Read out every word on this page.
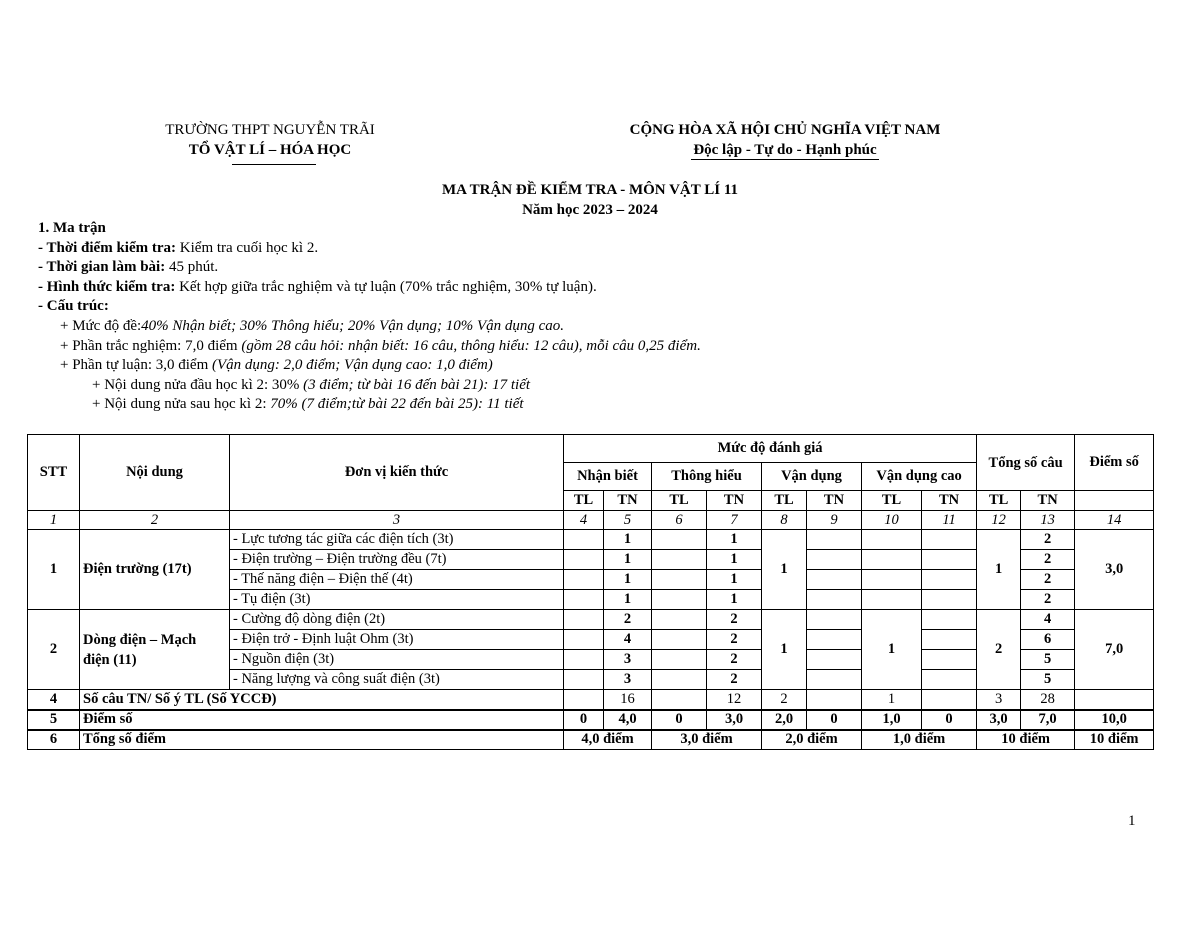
TRƯỜNG THPT NGUYỄN TRÃI
TỔ VẬT LÍ – HÓA HỌC
CỘNG HÒA XÃ HỘI CHỦ NGHĨA VIỆT NAM
Độc lập - Tự do - Hạnh phúc
MA TRẬN ĐỀ KIỂM TRA - MÔN VẬT LÍ 11
Năm học 2023 – 2024
1. Ma trận
- Thời điểm kiểm tra: Kiểm tra cuối học kì 2.
- Thời gian làm bài: 45 phút.
- Hình thức kiểm tra: Kết hợp giữa trắc nghiệm và tự luận (70% trắc nghiệm, 30% tự luận).
- Cấu trúc:
+ Mức độ đề:40% Nhận biết; 30% Thông hiểu; 20% Vận dụng; 10% Vận dụng cao.
+ Phần trắc nghiệm: 7,0 điểm (gồm 28 câu hỏi: nhận biết: 16 câu, thông hiểu: 12 câu), mỗi câu 0,25 điểm.
+ Phần tự luận: 3,0 điểm (Vận dụng: 2,0 điểm; Vận dụng cao: 1,0 điểm)
+ Nội dung nửa đầu học kì 2: 30% (3 điểm; từ bài 16 đến bài 21): 17 tiết
+ Nội dung nửa sau học kì 2: 70% (7 điểm;từ bài 22 đến bài 25): 11 tiết
STT	Nội dung	Đơn vị kiến thức	Mức độ đánh giá								Tổng số câu		Điểm số
			Nhận biết		Thông hiểu		Vận dụng		Vận dụng cao				
			TL	TN	TL	TN	TL	TN	TL	TN	TL	TN	
1	2	3	4	5	6	7	8	9	10	11	12	13	14
1	Điện trường (17t)	- Lực tương tác giữa các điện tích (3t)		1		1	1				1	2	3,0
		- Điện trường – Điện trường đều (7t)		1		1						2	
		- Thế năng điện – Điện thế (4t)		1		1						2	
		- Tụ điện (3t)		1		1						2	
2	Dòng điện – Mạch điện (11)	- Cường độ dòng điện (2t)		2		2	1		1		2	4	7,0
		- Điện trở - Định luật Ohm (3t)		4		2						6	
		- Nguồn điện (3t)		3		2						5	
		- Năng lượng và công suất điện (3t)		3		2						5	
4	Số câu TN/ Số ý TL (Số YCCĐ)			16		12	2		1		3	28	
5	Điểm số		0	4,0	0	3,0	2,0	0	1,0	0	3,0	7,0	10,0
6	Tổng số điểm		4,0 điểm		3,0 điểm		2,0 điểm		1,0 điểm		10 điểm		10 điểm
1
